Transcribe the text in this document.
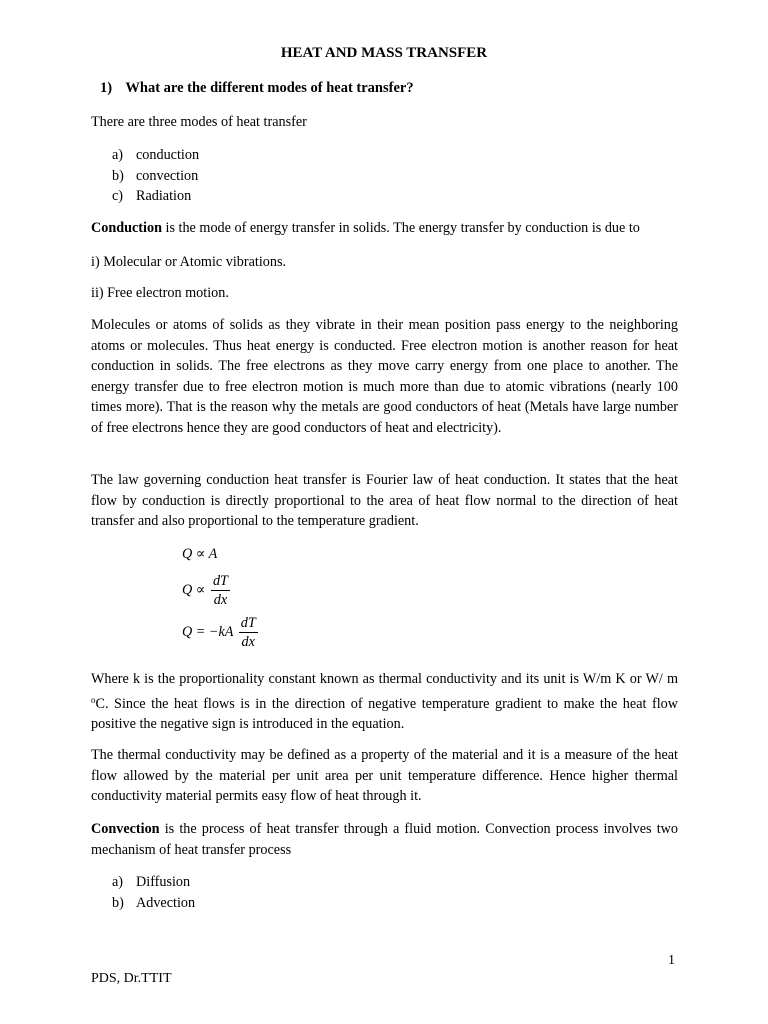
HEAT AND MASS TRANSFER
1) What are the different modes of heat transfer?
There are three modes of heat transfer
a) conduction
b) convection
c) Radiation
Conduction is the mode of energy transfer in solids. The energy transfer by conduction is due to
i) Molecular or Atomic vibrations.
ii) Free electron motion.
Molecules or atoms of solids as they vibrate in their mean position pass energy to the neighboring atoms or molecules. Thus heat energy is conducted. Free electron motion is another reason for heat conduction in solids. The free electrons as they move carry energy from one place to another. The energy transfer due to free electron motion is much more than due to atomic vibrations (nearly 100 times more). That is the reason why the metals are good conductors of heat (Metals have large number of free electrons hence they are good conductors of heat and electricity).
The law governing conduction heat transfer is Fourier law of heat conduction. It states that the heat flow by conduction is directly proportional to the area of heat flow normal to the direction of heat transfer and also proportional to the temperature gradient.
Q ∝ A
$Q \propto \frac{dT}{dx}$
$Q = -kA \frac{dT}{dx}$
Where k is the proportionality constant known as thermal conductivity and its unit is W/m K or W/ m $^o$C. Since the heat flows is in the direction of negative temperature gradient to make the heat flow positive the negative sign is introduced in the equation.
The thermal conductivity may be defined as a property of the material and it is a measure of the heat flow allowed by the material per unit area per unit temperature difference. Hence higher thermal conductivity material permits easy flow of heat through it.
Convection is the process of heat transfer through a fluid motion. Convection process involves two mechanism of heat transfer process
a) Diffusion
b) Advection
1
PDS, Dr.TTIT
